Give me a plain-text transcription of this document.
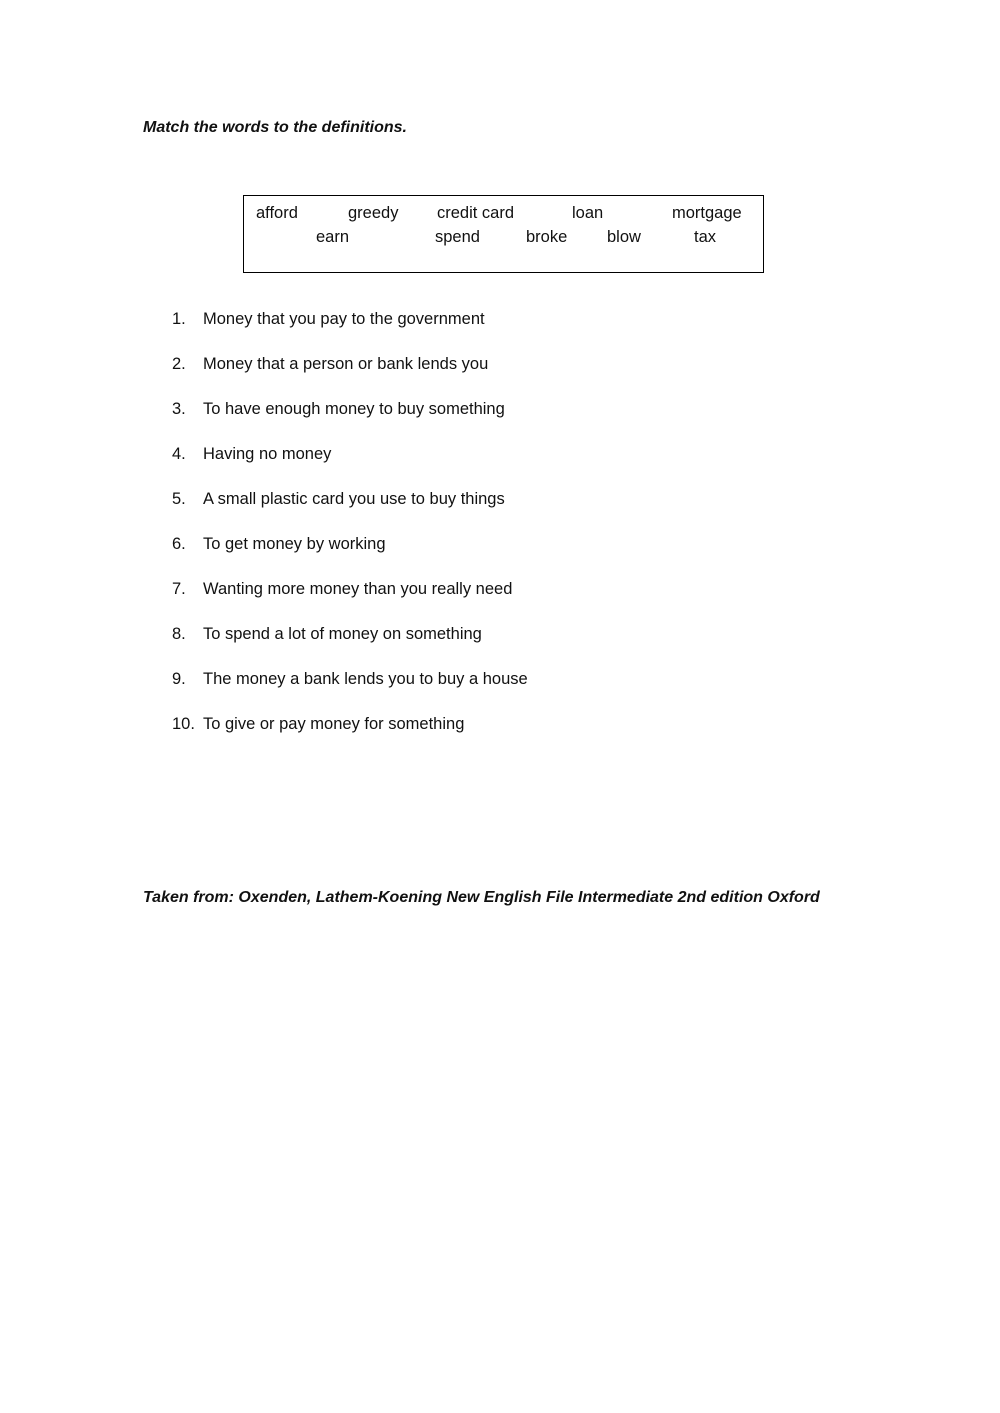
Match the words to the definitions.

afford	greedy credit card	loan	mortgage
earn	spend	broke blow	tax
1.	Money that you pay to the government
2.	Money that a person or bank lends you
3.	To have enough money to buy something
4.	Having no money
5.	A small plastic card you use to buy things
6.	To get money by working
7.	Wanting more money than you really need
8.	To spend a lot of money on something
9.	The money a bank lends you to buy a house
10. To give or pay money for something

Taken from: Oxenden, Lathem-Koening New English File Intermediate 2nd edition Oxford
